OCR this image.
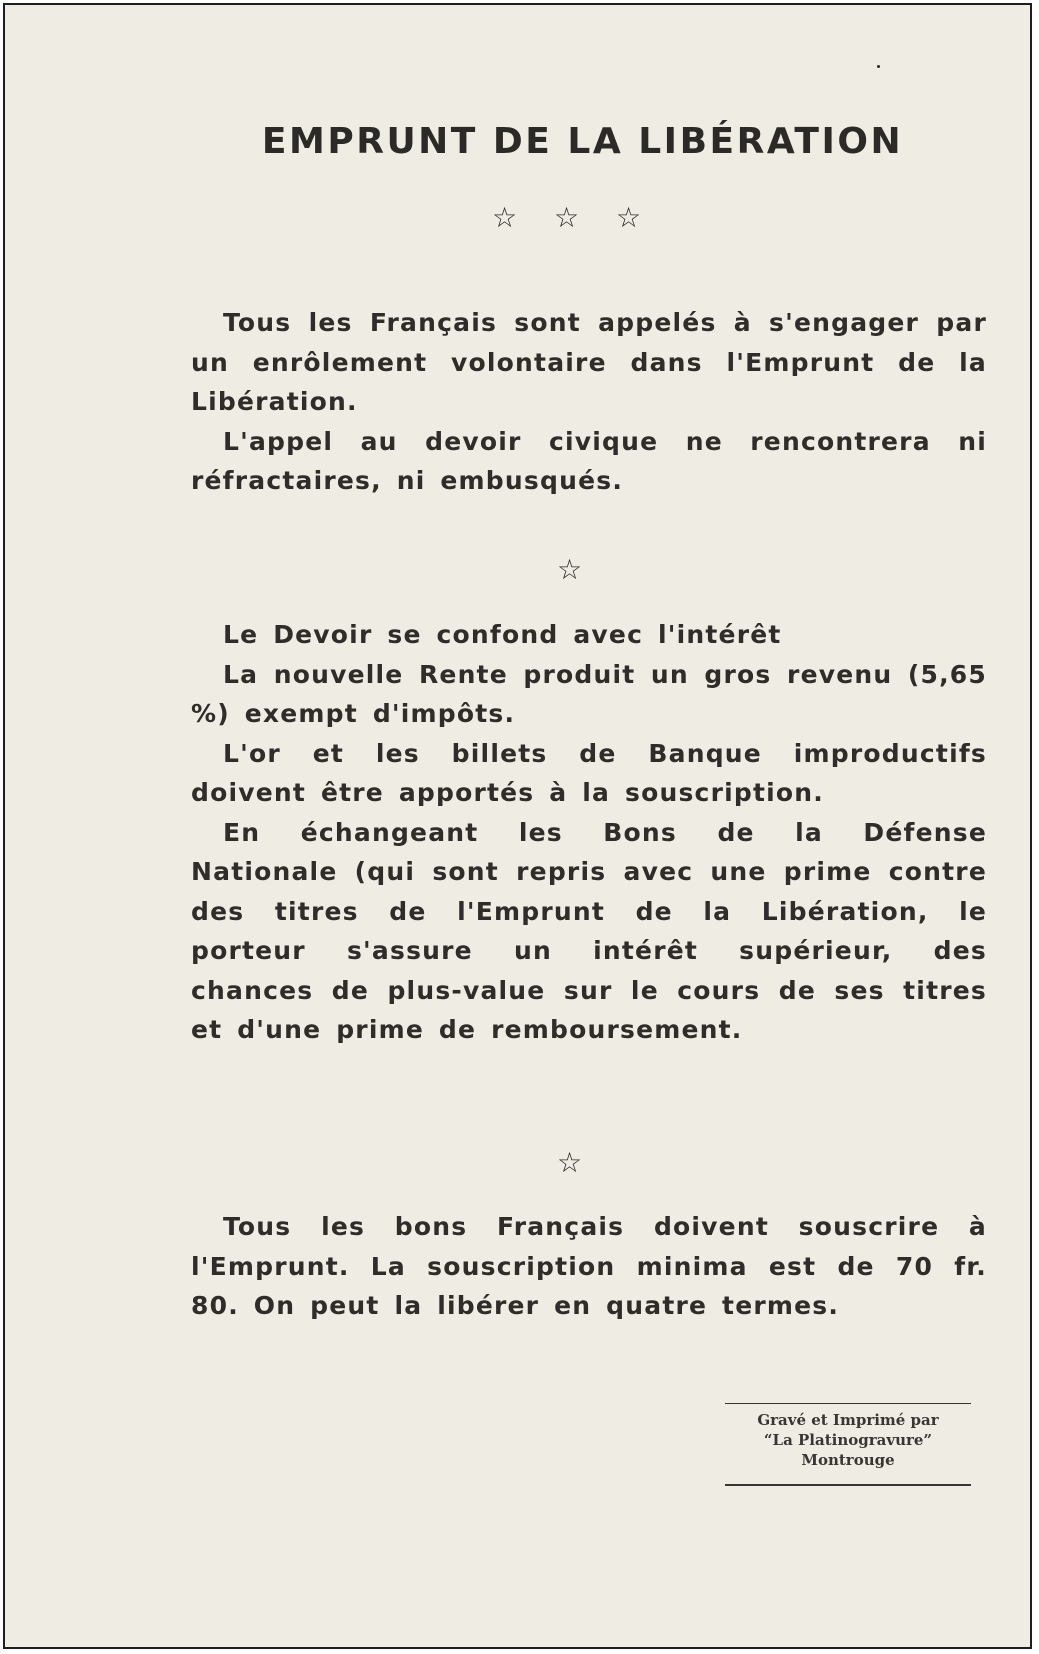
EMPRUNT DE LA LIBÉRATION
☆ ☆ ☆

Tous les Français sont appelés à s'engager par un enrôlement volontaire dans l'Emprunt de la Libération.

L'appel au devoir civique ne rencontrera ni réfractaires, ni embusqués.

☆

Le Devoir se confond avec l'intérêt

La nouvelle Rente produit un gros revenu (5,65 %) exempt d'impôts.

L'or et les billets de Banque improductifs doivent être apportés à la souscription.

En échangeant les Bons de la Défense Nationale (qui sont repris avec une prime contre des titres de l'Emprunt de la Libération, le porteur s'assure un intérêt supérieur, des chances de plus-value sur le cours de ses titres et d'une prime de remboursement.

☆

Tous les bons Français doivent souscrire à l'Emprunt. La souscription minima est de 70 fr. 80. On peut la libérer en quatre termes.

Gravé et Imprimé par
“La Platinogravure”
Montrouge
